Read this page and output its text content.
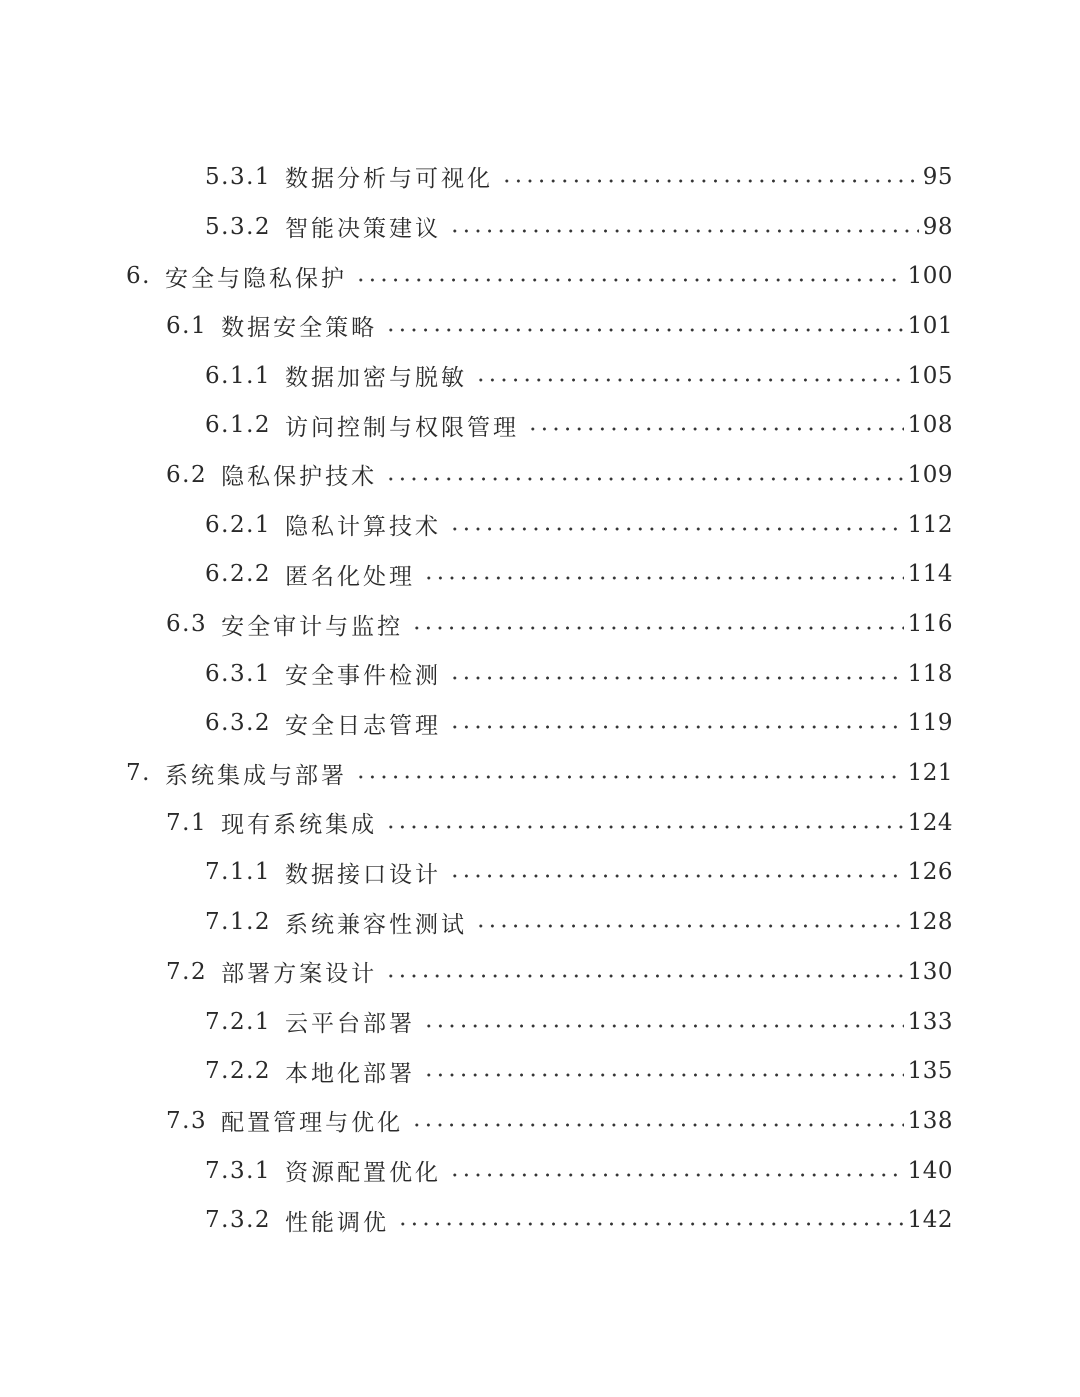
5.3.1 数据分析与可视化	95
5.3.2 智能决策建议	98
6. 安全与隐私保护	100
6.1 数据安全策略	101
6.1.1 数据加密与脱敏	105
6.1.2 访问控制与权限管理	108
6.2 隐私保护技术	109
6.2.1 隐私计算技术	112
6.2.2 匿名化处理	114
6.3 安全审计与监控	116
6.3.1 安全事件检测	118
6.3.2 安全日志管理	119
7. 系统集成与部署	121
7.1 现有系统集成	124
7.1.1 数据接口设计	126
7.1.2 系统兼容性测试	128
7.2 部署方案设计	130
7.2.1 云平台部署	133
7.2.2 本地化部署	135
7.3 配置管理与优化	138
7.3.1 资源配置优化	140
7.3.2 性能调优	142
